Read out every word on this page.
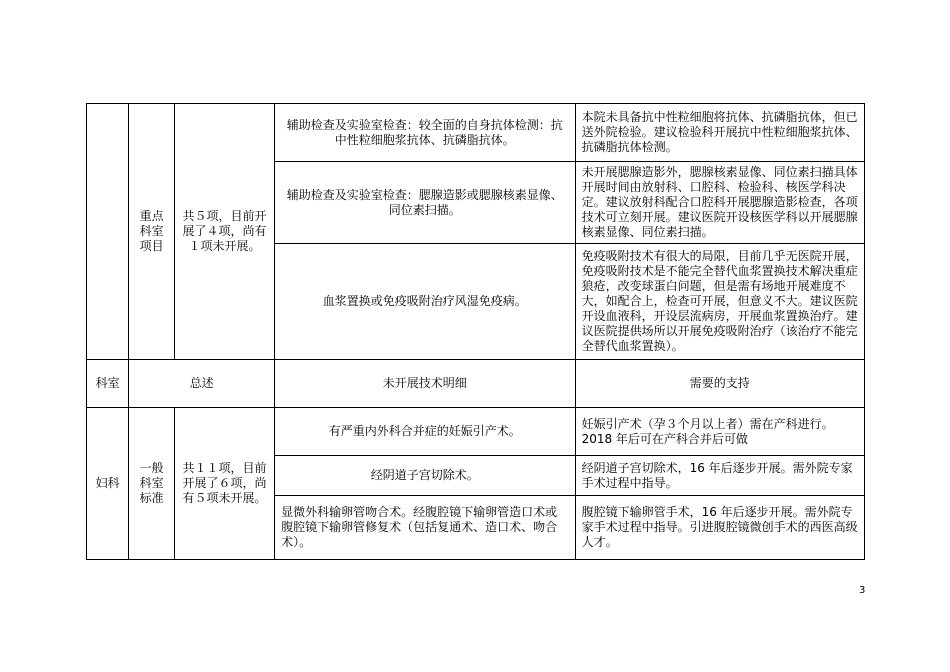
	重点科室项目	共５项，目前开展了４项，尚有１项未开展。	辅助检查及实验室检查：较全面的自身抗体检测：抗中性粒细胞浆抗体、抗磷脂抗体。	本院未具备抗中性粒细胞将抗体、抗磷脂抗体，但已送外院检验。建议检验科开展抗中性粒细胞浆抗体、抗磷脂抗体检测。
			辅助检查及实验室检查：腮腺造影或腮腺核素显像、同位素扫描。	未开展腮腺造影外，腮腺核素显像、同位素扫描具体开展时间由放射科、口腔科、检验科、核医学科决定。建议放射科配合口腔科开展腮腺造影检查，各项技术可立刻开展。建议医院开设核医学科以开展腮腺核素显像、同位素扫描。
			血浆置换或免疫吸附治疗风湿免疫病。	免疫吸附技术有很大的局限，目前几乎无医院开展，免疫吸附技术是不能完全替代血浆置换技术解决重症狼疮，改变球蛋白问题，但是需有场地开展难度不大，如配合上，检查可开展，但意义不大。建议医院开设血液科，开设层流病房，开展血浆置换治疗。建议医院提供场所以开展免疫吸附治疗（该治疗不能完全替代血浆置换）。
科室	总述		未开展技术明细	需要的支持
妇科	一般科室标准	共１１项，目前开展了６项，尚有５项未开展。	有严重内外科合并症的妊娠引产术。	妊娠引产术（孕３个月以上者）需在产科进行。2018 年后可在产科合并后可做
			经阴道子宫切除术。	经阴道子宫切除术，16 年后逐步开展。需外院专家手术过程中指导。
			显微外科输卵管吻合术。经腹腔镜下输卵管造口术或腹腔镜下输卵管修复术（包括复通术、造口术、吻合术）。	腹腔镜下输卵管手术，16 年后逐步开展。需外院专家手术过程中指导。引进腹腔镜微创手术的西医高级人才。
3
